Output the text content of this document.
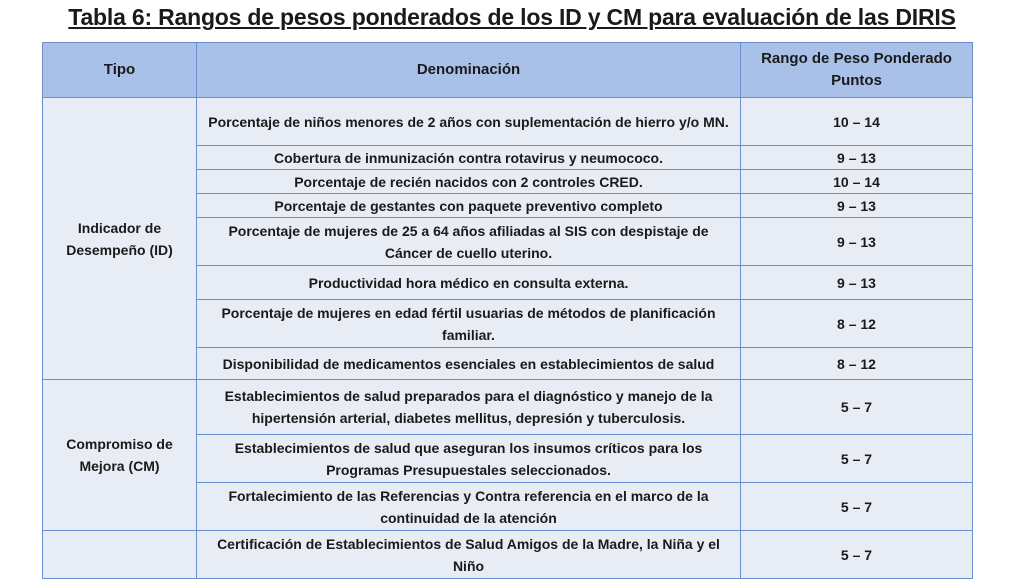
Tabla 6: Rangos de pesos ponderados de los ID y CM para evaluación de las DIRIS
Tipo	Denominación	Rango de Peso Ponderado
Puntos

Indicador de Desempeño (ID)	Porcentaje de niños menores de 2 años con suplementación de hierro y/o MN.	10 – 14
	Cobertura de inmunización contra rotavirus y neumococo.	9 – 13
	Porcentaje de recién nacidos con 2 controles CRED.	10 – 14
	Porcentaje de gestantes con paquete preventivo completo	9 – 13
	Porcentaje de mujeres de 25 a 64 años afiliadas al SIS con despistaje de Cáncer de cuello uterino.	9 – 13
	Productividad hora médico en consulta externa.	9 – 13
	Porcentaje de mujeres en edad fértil usuarias de métodos de planificación familiar.	8 – 12
	Disponibilidad de medicamentos esenciales en establecimientos de salud	8 – 12

Compromiso de Mejora (CM)	Establecimientos de salud preparados para el diagnóstico y manejo de la hipertensión arterial, diabetes mellitus, depresión y tuberculosis.	5 – 7
	Establecimientos de salud que aseguran los insumos críticos para los Programas Presupuestales seleccionados.	5 – 7
	Fortalecimiento de las Referencias y Contra referencia en el marco de la continuidad de la atención	5 – 7

	Certificación de Establecimientos de Salud Amigos de la Madre, la Niña y el Niño	5 – 7
